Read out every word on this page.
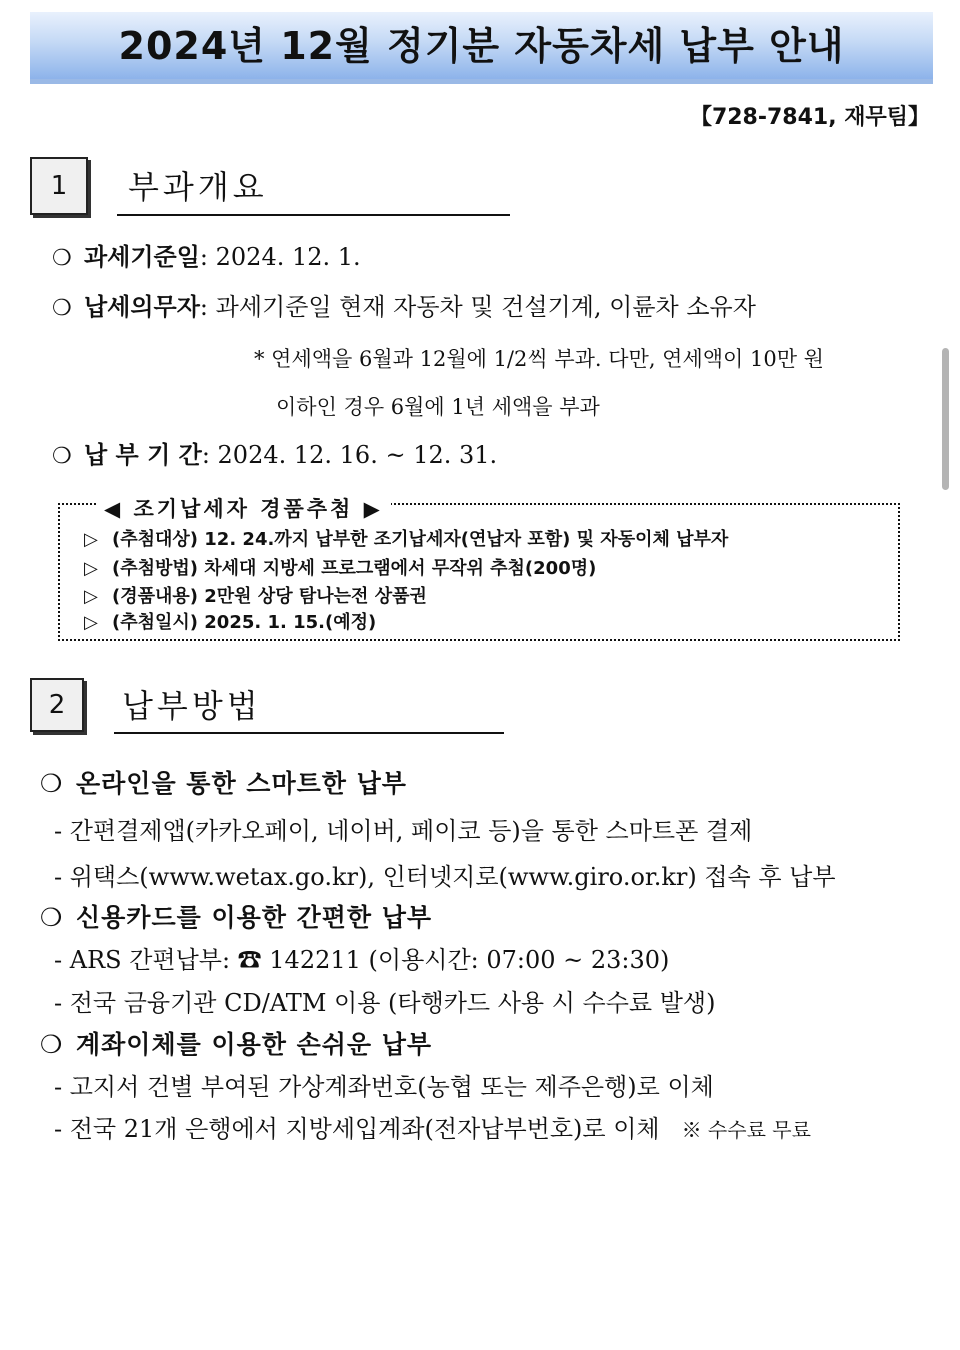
2024년 12월 정기분 자동차세 납부 안내
【728-7841, 재무팀】
1	부과개요
❍ 과세기준일: 2024. 12. 1.
❍ 납세의무자: 과세기준일 현재 자동차 및 건설기계, 이륜차 소유자
* 연세액을 6월과 12월에 1/2씩 부과. 다만, 연세액이 10만 원
이하인 경우 6월에 1년 세액을 부과
❍ 납 부 기 간: 2024. 12. 16. ~ 12. 31.
◀ 조기납세자 경품추첨 ▶
▷ (추첨대상) 12. 24.까지 납부한 조기납세자(연납자 포함) 및 자동이체 납부자
▷ (추첨방법) 차세대 지방세 프로그램에서 무작위 추첨(200명)
▷ (경품내용) 2만원 상당 탐나는전 상품권
▷ (추첨일시) 2025. 1. 15.(예정)
2	납부방법
❍ 온라인을 통한 스마트한 납부
- 간편결제앱(카카오페이, 네이버, 페이코 등)을 통한 스마트폰 결제
- 위택스(www.wetax.go.kr), 인터넷지로(www.giro.or.kr) 접속 후 납부
❍ 신용카드를 이용한 간편한 납부
- ARS 간편납부: ☎ 142211 (이용시간: 07:00 ~ 23:30)
- 전국 금융기관 CD/ATM 이용 (타행카드 사용 시 수수료 발생)
❍ 계좌이체를 이용한 손쉬운 납부
- 고지서 건별 부여된 가상계좌번호(농협 또는 제주은행)로 이체
- 전국 21개 은행에서 지방세입계좌(전자납부번호)로 이체 ※ 수수료 무료
